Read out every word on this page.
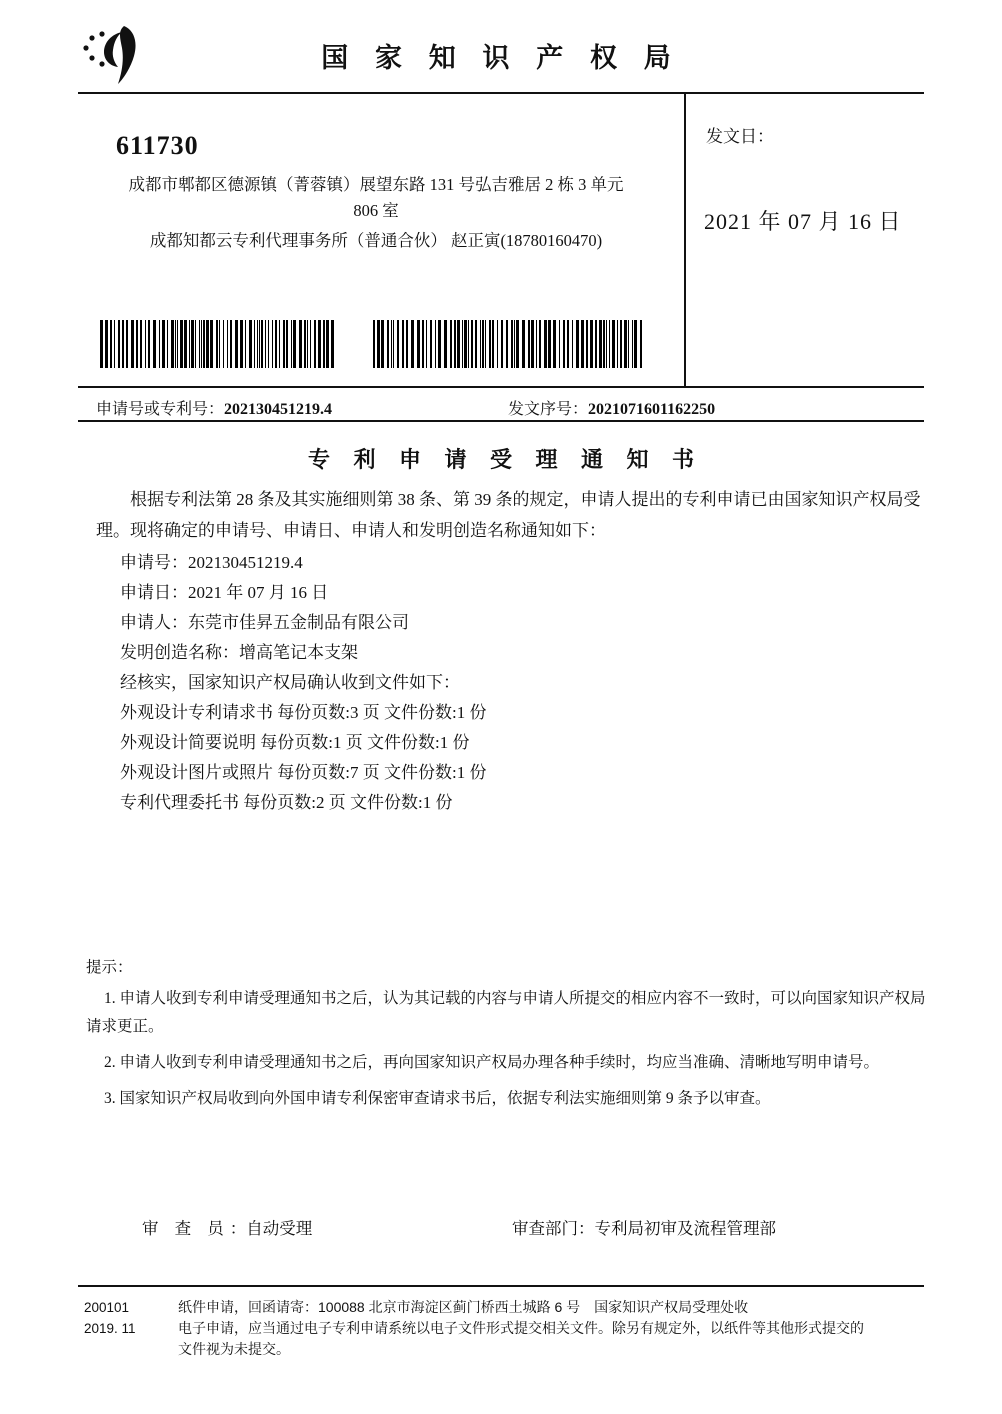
国 家 知 识 产 权 局
611730
成都市郫都区德源镇（菁蓉镇）展望东路 131 号弘吉雅居 2 栋 3 单元
806 室
成都知都云专利代理事务所（普通合伙） 赵正寅(18780160470)
发文日：
2021 年 07 月 16 日
申请号或专利号：202130451219.4	发文序号：2021071601162250
专 利 申 请 受 理 通 知 书
根据专利法第 28 条及其实施细则第 38 条、第 39 条的规定，申请人提出的专利申请已由国家知识产权局受理。现将确定的申请号、申请日、申请人和发明创造名称通知如下：
申请号：202130451219.4
申请日：2021 年 07 月 16 日
申请人：东莞市佳昇五金制品有限公司
发明创造名称：增高笔记本支架
经核实，国家知识产权局确认收到文件如下：
外观设计专利请求书 每份页数:3 页 文件份数:1 份
外观设计简要说明 每份页数:1 页 文件份数:1 份
外观设计图片或照片 每份页数:7 页 文件份数:1 份
专利代理委托书 每份页数:2 页 文件份数:1 份
提示：
1. 申请人收到专利申请受理通知书之后，认为其记载的内容与申请人所提交的相应内容不一致时，可以向国家知识产权局
请求更正。
2. 申请人收到专利申请受理通知书之后，再向国家知识产权局办理各种手续时，均应当准确、清晰地写明申请号。
3. 国家知识产权局收到向外国申请专利保密审查请求书后，依据专利法实施细则第 9 条予以审查。
审 查 员：自动受理	审查部门：专利局初审及流程管理部
200101
2019. 11
纸件申请，回函请寄：100088 北京市海淀区蓟门桥西土城路 6 号　国家知识产权局受理处收
电子申请，应当通过电子专利申请系统以电子文件形式提交相关文件。除另有规定外，以纸件等其他形式提交的
文件视为未提交。
